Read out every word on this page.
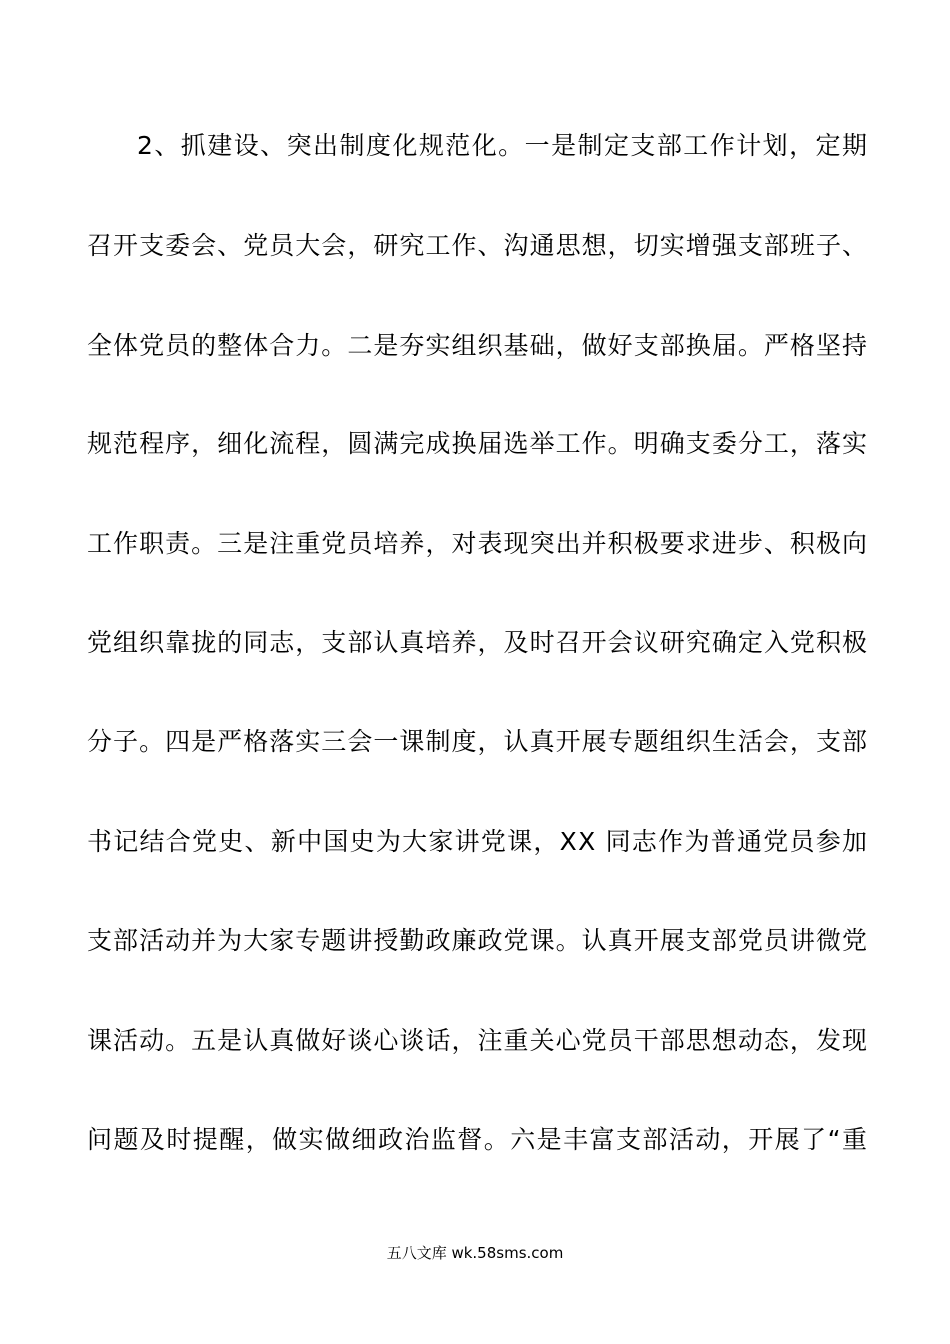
2、抓建设、突出制度化规范化。一是制定支部工作计划，定期
召开支委会、党员大会，研究工作、沟通思想，切实增强支部班子、
全体党员的整体合力。二是夯实组织基础，做好支部换届。严格坚持
规范程序，细化流程，圆满完成换届选举工作。明确支委分工，落实
工作职责。三是注重党员培养，对表现突出并积极要求进步、积极向
党组织靠拢的同志，支部认真培养，及时召开会议研究确定入党积极
分子。四是严格落实三会一课制度，认真开展专题组织生活会，支部
书记结合党史、新中国史为大家讲党课，XX 同志作为普通党员参加
支部活动并为大家专题讲授勤政廉政党课。认真开展支部党员讲微党
课活动。五是认真做好谈心谈话，注重关心党员干部思想动态，发现
问题及时提醒，做实做细政治监督。六是丰富支部活动，开展了“重
五八文库 wk.58sms.com
